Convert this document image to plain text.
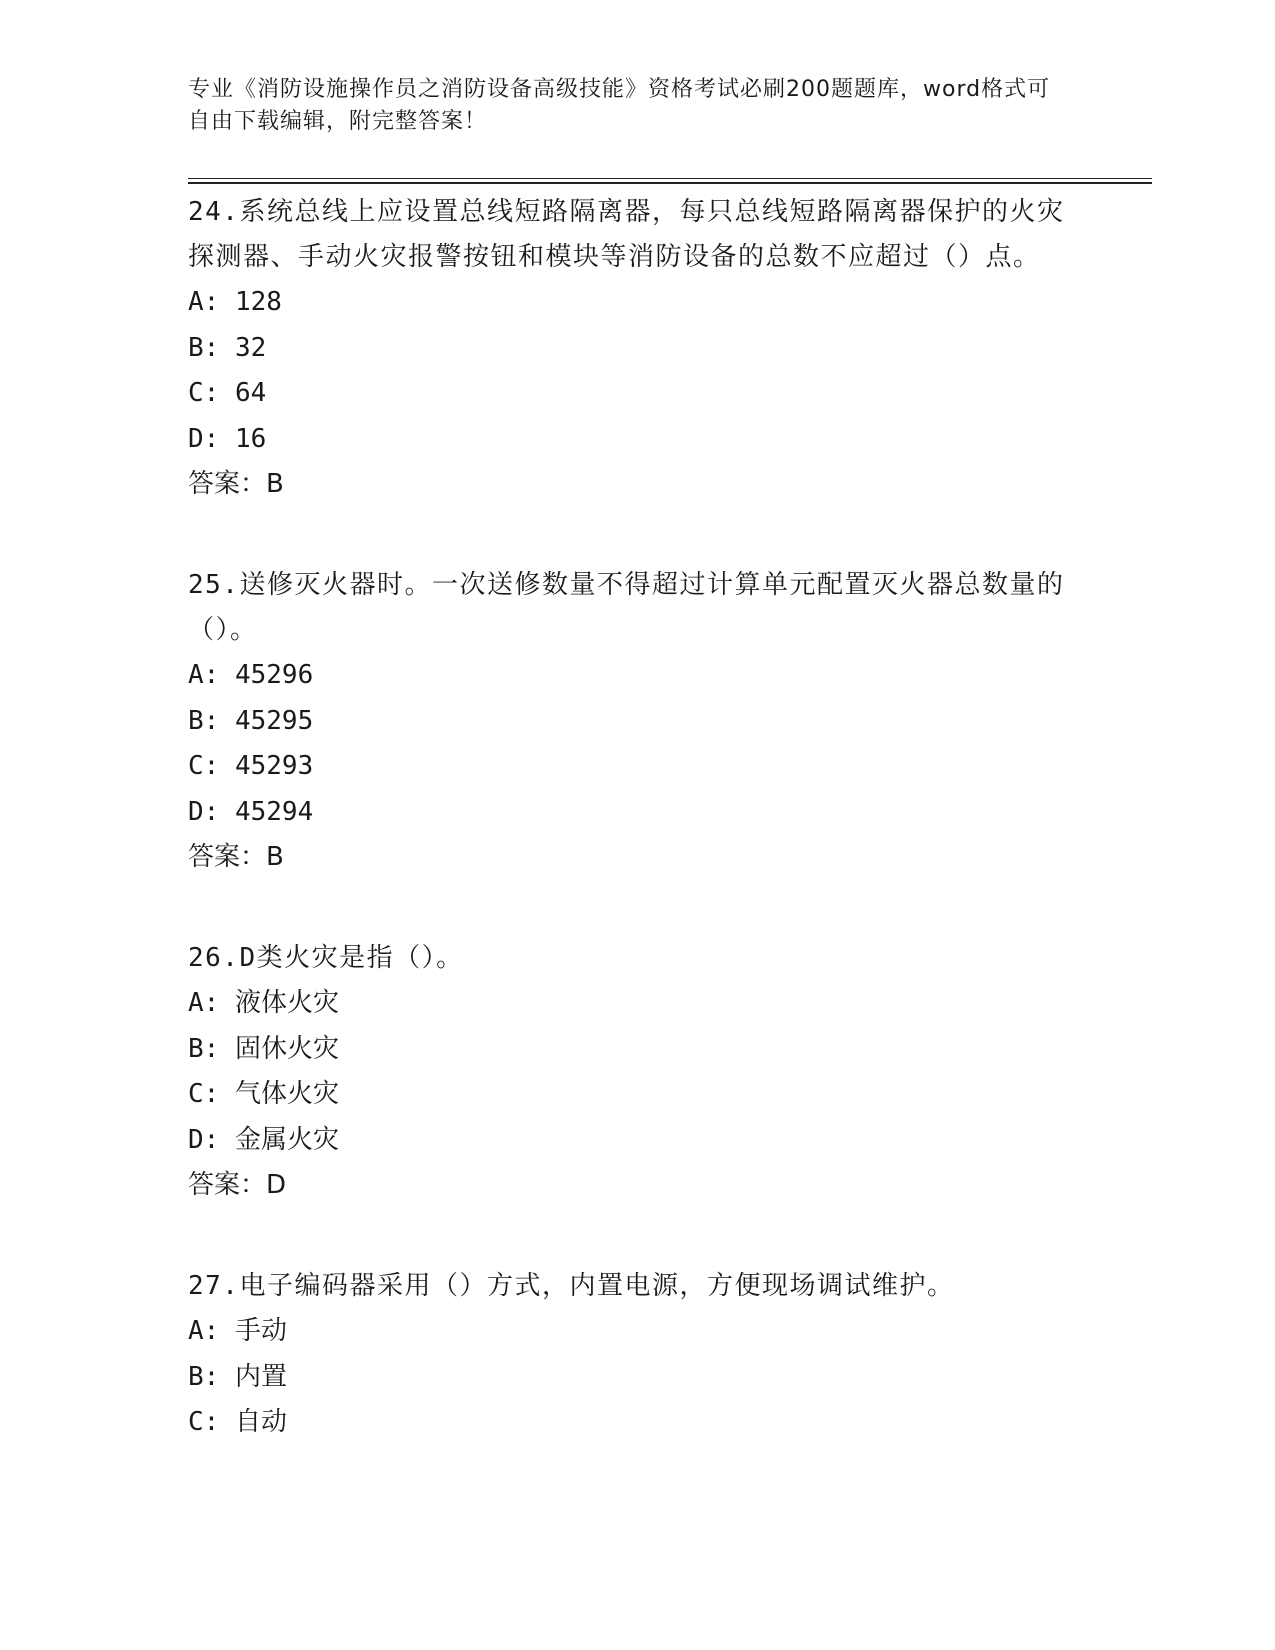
专业《消防设施操作员之消防设备高级技能》资格考试必刷200题题库，word格式可自由下载编辑，附完整答案！

24.系统总线上应设置总线短路隔离器，每只总线短路隔离器保护的火灾探测器、手动火灾报警按钮和模块等消防设备的总数不应超过（）点。

A: 128

B: 32

C: 64

D: 16

答案：B

25.送修灭火器时。一次送修数量不得超过计算单元配置灭火器总数量的（）。

A: 45296

B: 45295

C: 45293

D: 45294

答案：B

26.D类火灾是指（）。

A: 液体火灾

B: 固休火灾

C: 气体火灾

D: 金属火灾

答案：D

27.电子编码器采用（）方式，内置电源，方便现场调试维护。

A: 手动

B: 内置

C: 自动
